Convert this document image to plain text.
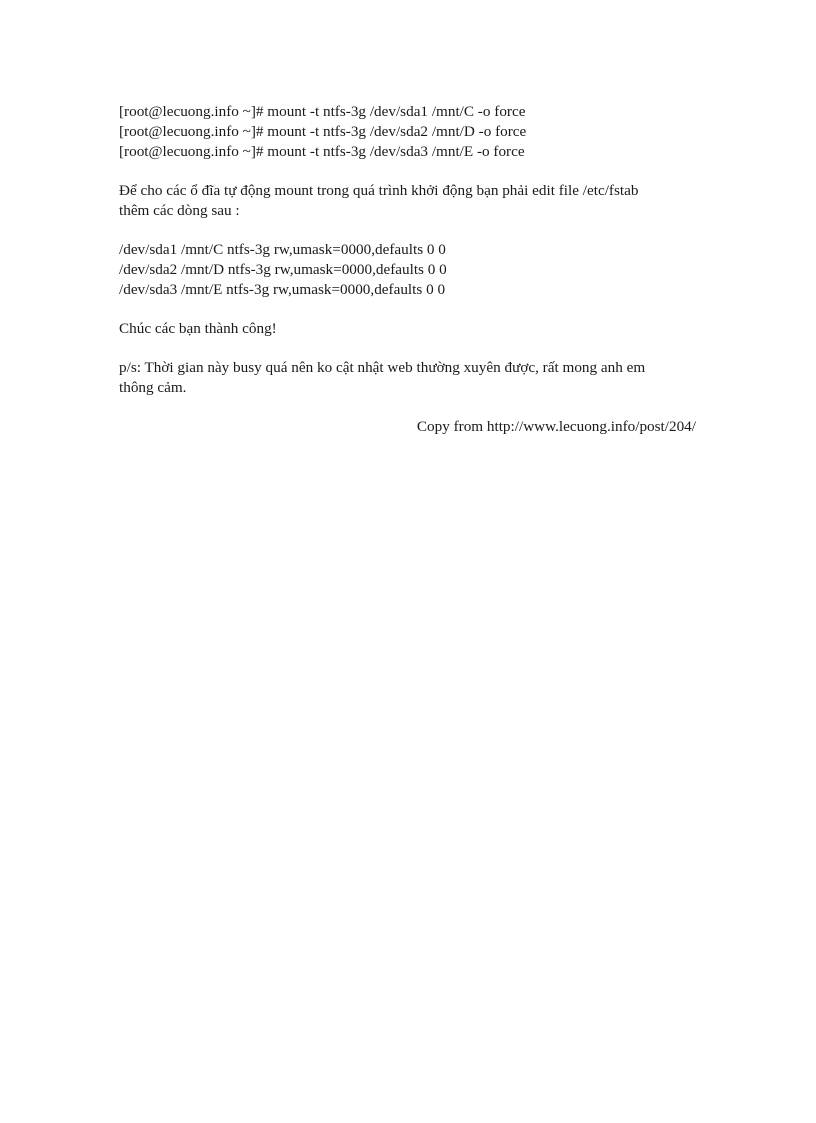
[root@lecuong.info ~]# mount -t ntfs-3g /dev/sda1 /mnt/C -o force
[root@lecuong.info ~]# mount -t ntfs-3g /dev/sda2 /mnt/D -o force
[root@lecuong.info ~]# mount -t ntfs-3g /dev/sda3 /mnt/E -o force
Để cho các ổ đĩa tự động mount trong quá trình khởi động bạn phải edit file /etc/fstab
thêm các dòng sau :
/dev/sda1 /mnt/C ntfs-3g rw,umask=0000,defaults 0 0
/dev/sda2 /mnt/D ntfs-3g rw,umask=0000,defaults 0 0
/dev/sda3 /mnt/E ntfs-3g rw,umask=0000,defaults 0 0
Chúc các bạn thành công!
p/s: Thời gian này busy quá nên ko cật nhật web thường xuyên được, rất mong anh em
thông cảm.
Copy from http://www.lecuong.info/post/204/
